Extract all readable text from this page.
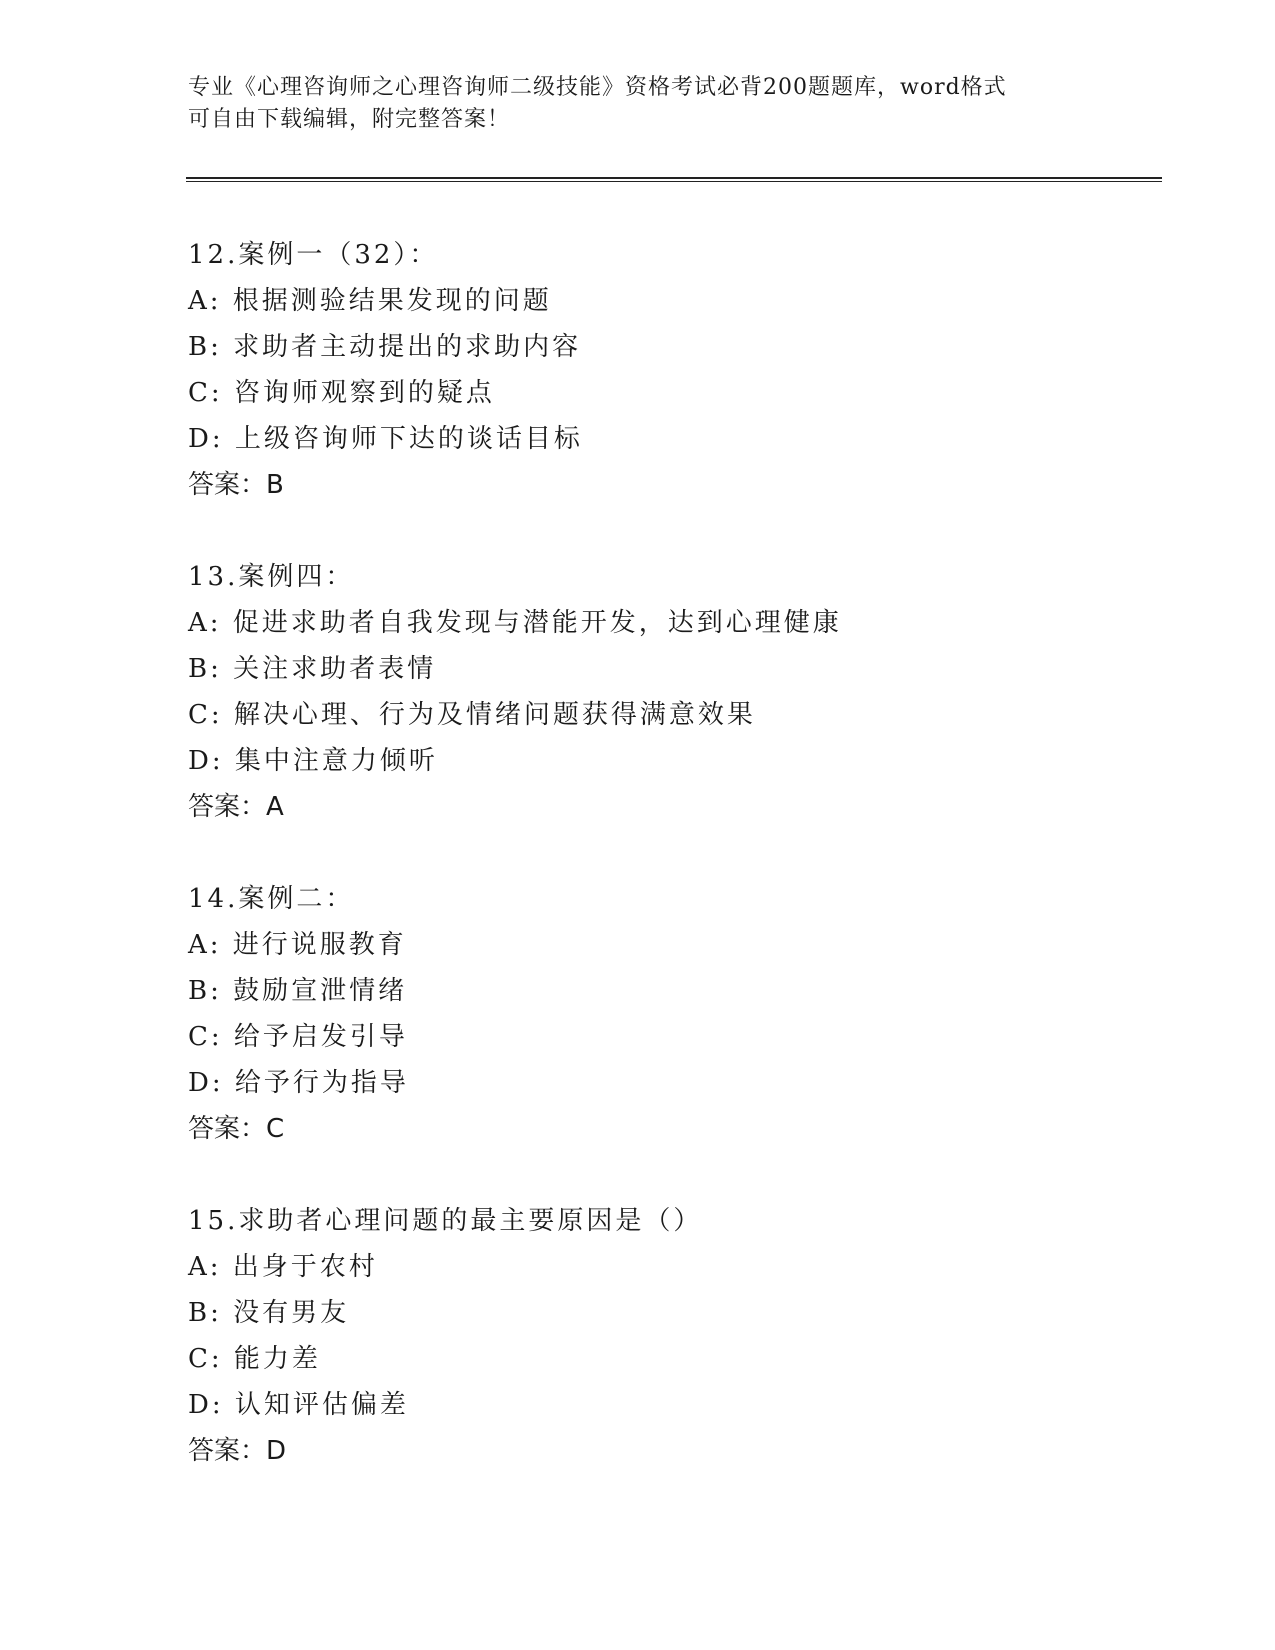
专业《心理咨询师之心理咨询师二级技能》资格考试必背200题题库，word格式
可自由下载编辑，附完整答案！
12.案例一（32）：
A: 根据测验结果发现的问题
B: 求助者主动提出的求助内容
C: 咨询师观察到的疑点
D: 上级咨询师下达的谈话目标
答案：B
13.案例四：
A: 促进求助者自我发现与潜能开发，达到心理健康
B: 关注求助者表情
C: 解决心理、行为及情绪问题获得满意效果
D: 集中注意力倾听
答案：A
14.案例二：
A: 进行说服教育
B: 鼓励宣泄情绪
C: 给予启发引导
D: 给予行为指导
答案：C
15.求助者心理问题的最主要原因是（）
A: 出身于农村
B: 没有男友
C: 能力差
D: 认知评估偏差
答案：D
